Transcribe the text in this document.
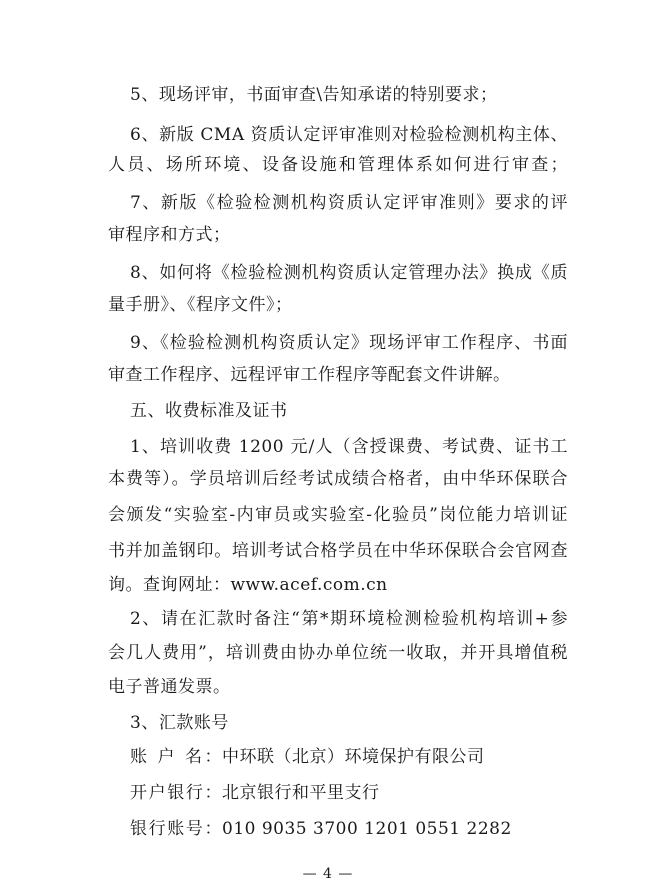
5、现场评审，书面审查\告知承诺的特别要求；
6、新版 CMA 资质认定评审准则对检验检测机构主体、
人员、场所环境、设备设施和管理体系如何进行审查；
7、新版《检验检测机构资质认定评审准则》要求的评
审程序和方式；
8、如何将《检验检测机构资质认定管理办法》换成《质
量手册》、《程序文件》；
9、《检验检测机构资质认定》现场评审工作程序、书面
审查工作程序、远程评审工作程序等配套文件讲解。
五、收费标准及证书
1、培训收费 1200 元/人（含授课费、考试费、证书工
本费等）。学员培训后经考试成绩合格者，由中华环保联合
会颁发“实验室-内审员或实验室-化验员”岗位能力培训证
书并加盖钢印。培训考试合格学员在中华环保联合会官网查
询。查询网址：www.acef.com.cn
2、请在汇款时备注“第*期环境检测检验机构培训+参
会几人费用”，培训费由协办单位统一收取，并开具增值税
电子普通发票。
3、汇款账号
账 户 名：中环联（北京）环境保护有限公司
开户银行：北京银行和平里支行
银行账号：010 9035 3700 1201 0551 2282
— 4 —
